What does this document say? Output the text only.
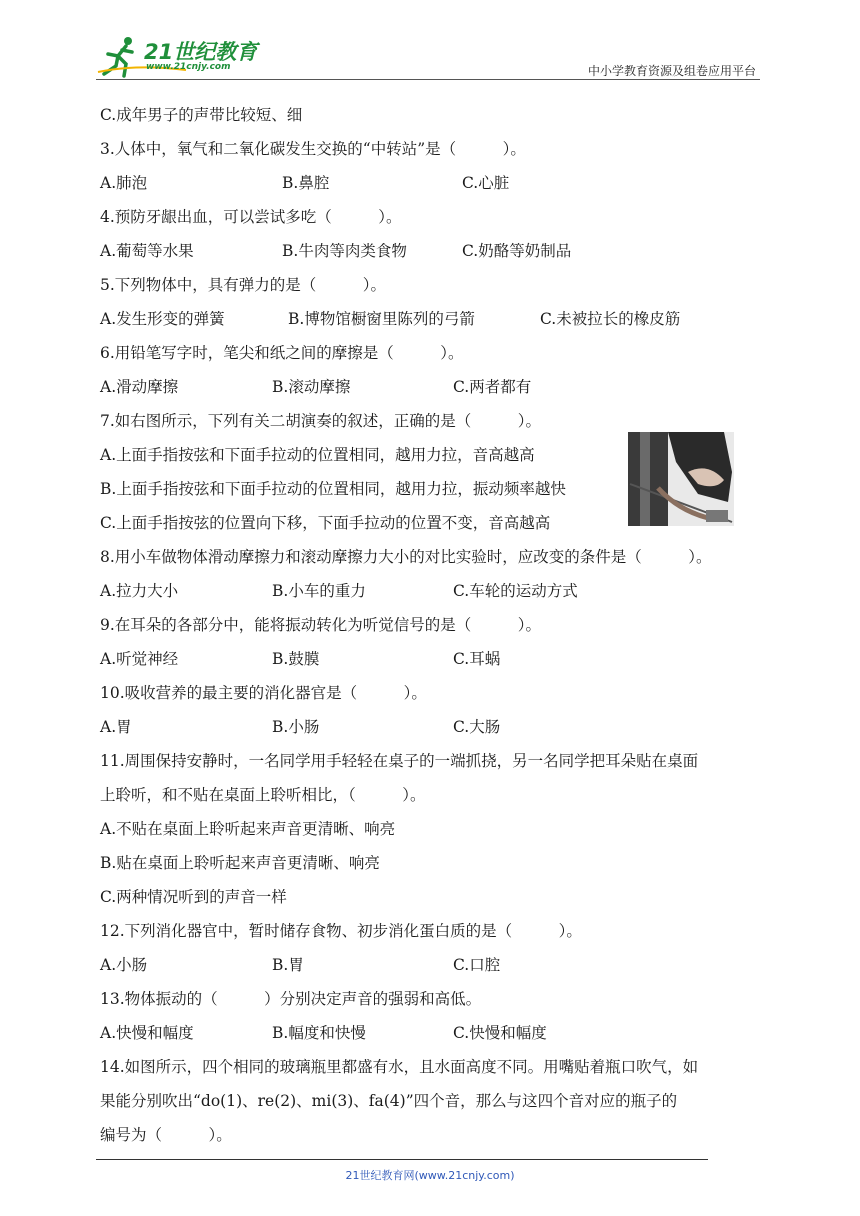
21世纪教育
www.21cnjy.com	中小学教育资源及组卷应用平台
C.成年男子的声带比较短、细
3.人体中，氧气和二氧化碳发生交换的“中转站”是（　　　）。
A.肺泡	B.鼻腔	C.心脏
4.预防牙龈出血，可以尝试多吃（　　　）。
A.葡萄等水果	B.牛肉等肉类食物	C.奶酪等奶制品
5.下列物体中，具有弹力的是（　　　）。
A.发生形变的弹簧	B.博物馆橱窗里陈列的弓箭	C.未被拉长的橡皮筋
6.用铅笔写字时，笔尖和纸之间的摩擦是（　　　）。
A.滑动摩擦	B.滚动摩擦	C.两者都有
7.如右图所示，下列有关二胡演奏的叙述，正确的是（　　　）。
A.上面手指按弦和下面手拉动的位置相同，越用力拉，音高越高
B.上面手指按弦和下面手拉动的位置相同，越用力拉，振动频率越快
C.上面手指按弦的位置向下移，下面手拉动的位置不变，音高越高
8.用小车做物体滑动摩擦力和滚动摩擦力大小的对比实验时，应改变的条件是（　　　）。
A.拉力大小	B.小车的重力	C.车轮的运动方式
9.在耳朵的各部分中，能将振动转化为听觉信号的是（　　　）。
A.听觉神经	B.鼓膜	C.耳蜗
10.吸收营养的最主要的消化器官是（　　　）。
A.胃	B.小肠	C.大肠
11.周围保持安静时，一名同学用手轻轻在桌子的一端抓挠，另一名同学把耳朵贴在桌面
上聆听，和不贴在桌面上聆听相比，（　　　）。
A.不贴在桌面上聆听起来声音更清晰、响亮
B.贴在桌面上聆听起来声音更清晰、响亮
C.两种情况听到的声音一样
12.下列消化器官中，暂时储存食物、初步消化蛋白质的是（　　　）。
A.小肠	B.胃	C.口腔
13.物体振动的（　　　）分别决定声音的强弱和高低。
A.快慢和幅度	B.幅度和快慢	C.快慢和幅度
14.如图所示，四个相同的玻璃瓶里都盛有水，且水面高度不同。用嘴贴着瓶口吹气，如
果能分别吹出“do(1)、re(2)、mi(3)、fa(4)”四个音，那么与这四个音对应的瓶子的
编号为（　　　）。
21世纪教育网(www.21cnjy.com)
